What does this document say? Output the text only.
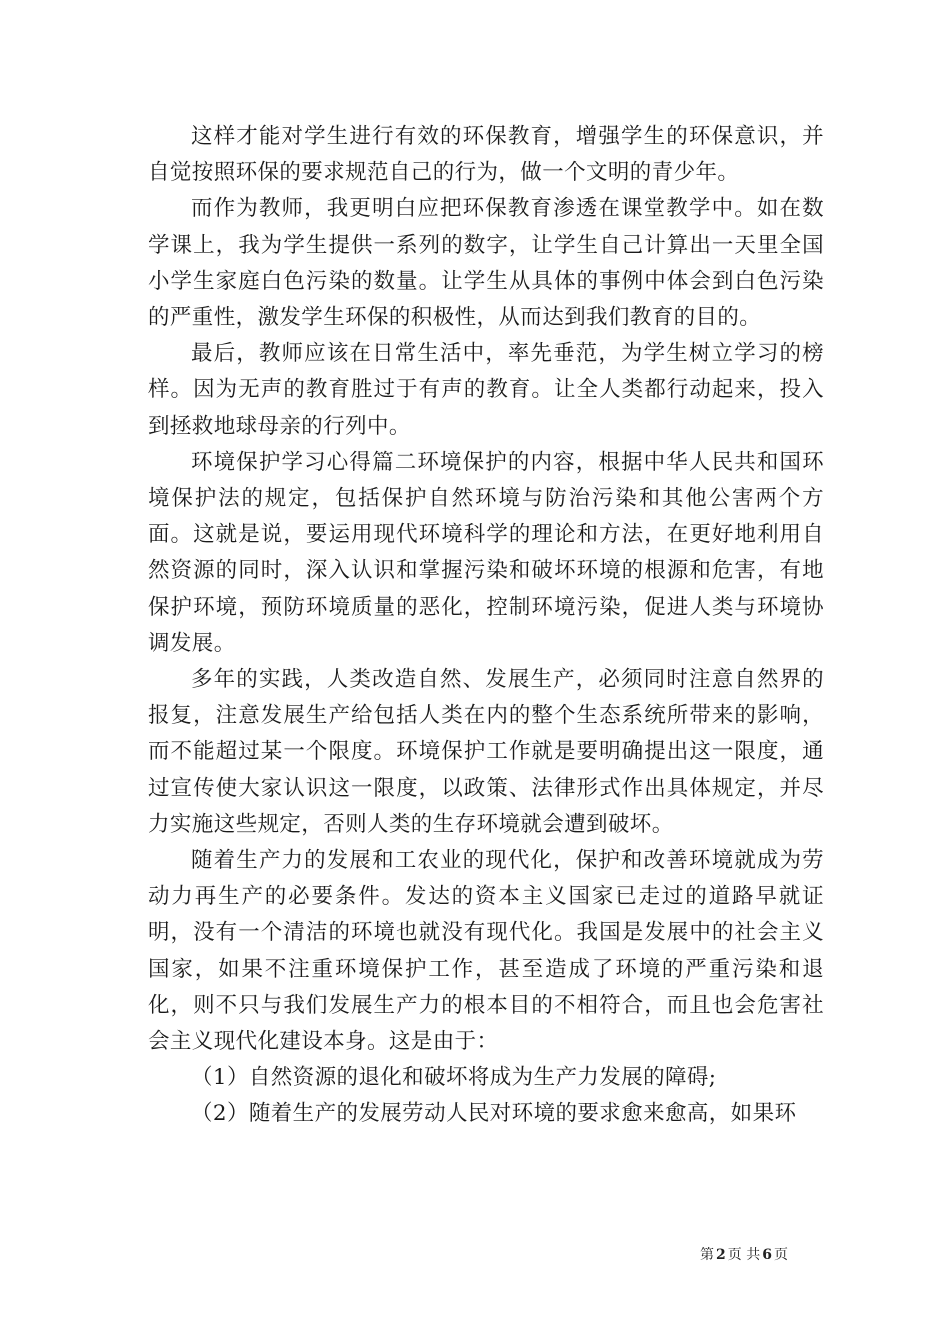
这样才能对学生进行有效的环保教育，增强学生的环保意识，并自觉按照环保的要求规范自己的行为，做一个文明的青少年。

而作为教师，我更明白应把环保教育渗透在课堂教学中。如在数学课上，我为学生提供一系列的数字，让学生自己计算出一天里全国小学生家庭白色污染的数量。让学生从具体的事例中体会到白色污染的严重性，激发学生环保的积极性，从而达到我们教育的目的。

最后，教师应该在日常生活中，率先垂范，为学生树立学习的榜样。因为无声的教育胜过于有声的教育。让全人类都行动起来，投入到拯救地球母亲的行列中。

环境保护学习心得篇二环境保护的内容，根据中华人民共和国环境保护法的规定，包括保护自然环境与防治污染和其他公害两个方面。这就是说，要运用现代环境科学的理论和方法，在更好地利用自然资源的同时，深入认识和掌握污染和破坏环境的根源和危害，有地保护环境，预防环境质量的恶化，控制环境污染，促进人类与环境协调发展。

多年的实践，人类改造自然、发展生产，必须同时注意自然界的报复，注意发展生产给包括人类在内的整个生态系统所带来的影响，而不能超过某一个限度。环境保护工作就是要明确提出这一限度，通过宣传使大家认识这一限度，以政策、法律形式作出具体规定，并尽力实施这些规定，否则人类的生存环境就会遭到破坏。

随着生产力的发展和工农业的现代化，保护和改善环境就成为劳动力再生产的必要条件。发达的资本主义国家已走过的道路早就证明，没有一个清洁的环境也就没有现代化。我国是发展中的社会主义国家，如果不注重环境保护工作，甚至造成了环境的严重污染和退化，则不只与我们发展生产力的根本目的不相符合，而且也会危害社会主义现代化建设本身。这是由于：

（1）自然资源的退化和破坏将成为生产力发展的障碍;

（2）随着生产的发展劳动人民对环境的要求愈来愈高，如果环

第 2 页 共 6 页
